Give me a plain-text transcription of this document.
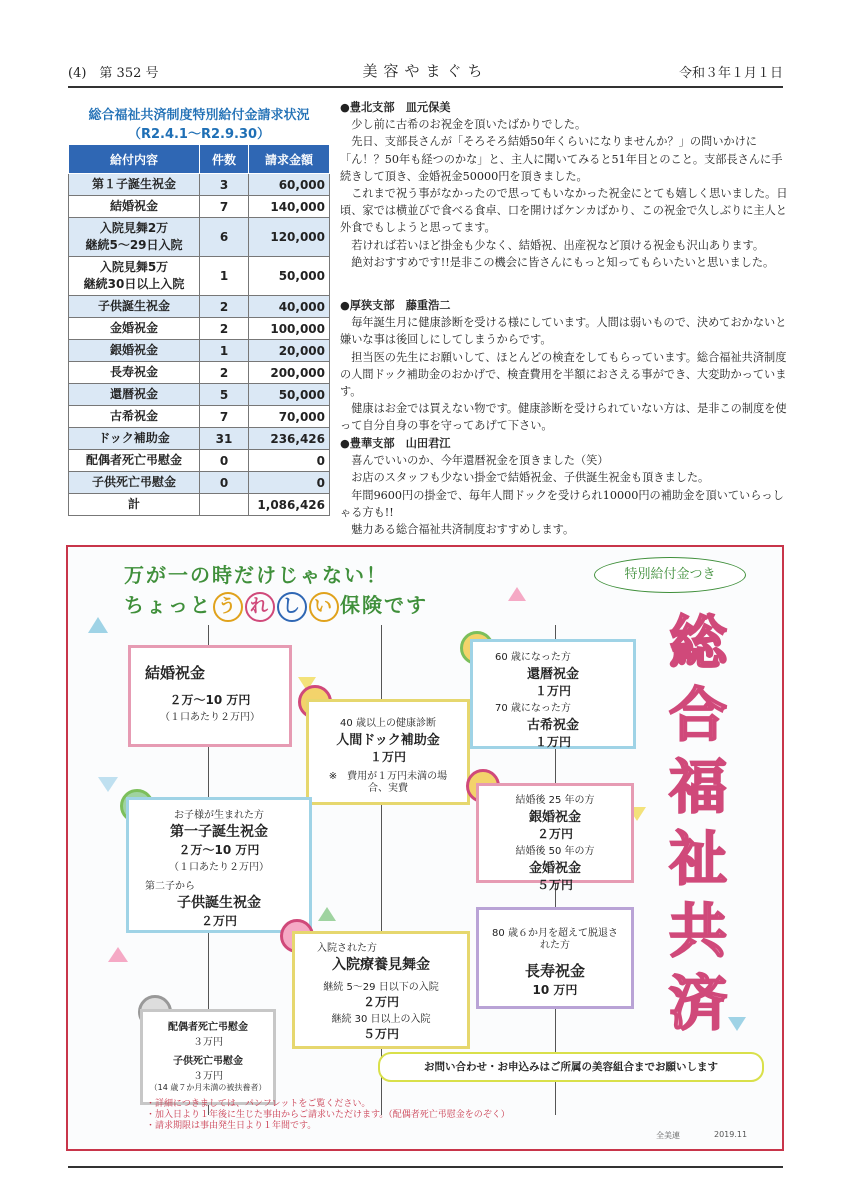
(4)　第 352 号	美容やまぐち	令和３年１月１日
総合福祉共済制度特別給付金請求状況
（R2.4.1～R2.9.30）
給付内容	件数	請求金額
第１子誕生祝金	3	60,000
結婚祝金	7	140,000
入院見舞2万
継続5～29日入院	6	120,000
入院見舞5万
継続30日以上入院	1	50,000
子供誕生祝金	2	40,000
金婚祝金	2	100,000
銀婚祝金	1	20,000
長寿祝金	2	200,000
還暦祝金	5	50,000
古希祝金	7	70,000
ドック補助金	31	236,426
配偶者死亡弔慰金	0	0
子供死亡弔慰金	0	0
計		1,086,426
●豊北支部　皿元保美

少し前に古希のお祝金を頂いたばかりでした。

先日、支部長さんが「そろそろ結婚50年くらいになりませんか？」の問いかけに「ん！？50年も経つのかな」と、主人に聞いてみると51年目とのこと。支部長さんに手続きして頂き、金婚祝金50000円を頂きました。

これまで祝う事がなかったので思ってもいなかった祝金にとても嬉しく思いました。日頃、家では横並びで食べる食卓、口を開けばケンカばかり、この祝金で久しぶりに主人と外食でもしようと思ってます。

若ければ若いほど掛金も少なく、結婚祝、出産祝など頂ける祝金も沢山あります。

絶対おすすめです!!是非この機会に皆さんにもっと知ってもらいたいと思いました。

●厚狭支部　藤重浩二

毎年誕生月に健康診断を受ける様にしています。人間は弱いもので、決めておかないと嫌いな事は後回しにしてしまうからです。

担当医の先生にお願いして、ほとんどの検査をしてもらっています。総合福祉共済制度の人間ドック補助金のおかげで、検査費用を半額におさえる事ができ、大変助かっています。

健康はお金では買えない物です。健康診断を受けられていない方は、是非この制度を使って自分自身の事を守ってあげて下さい。

●豊華支部　山田君江

喜んでいいのか、今年還暦祝金を頂きました（笑）

お店のスタッフも少ない掛金で結婚祝金、子供誕生祝金も頂きました。

年間9600円の掛金で、毎年人間ドックを受けられ10000円の補助金を頂いていらっしゃる方も!!

魅力ある総合福祉共済制度おすすめします。

万が一の時だけじゃない！
ちょっと う れ し い 保険です
特別給付金つき
総
合
福
祉
共
済
結婚祝金
２万～10 万円
（１口あたり２万円）
40 歳以上の健康診断
人間ドック補助金
１万円
※　費用が１万円未満の場合、実費
60 歳になった方
還暦祝金
１万円
70 歳になった方
古希祝金
１万円
お子様が生まれた方
第一子誕生祝金
２万～10 万円
（１口あたり２万円）
第二子から
子供誕生祝金
２万円
結婚後 25 年の方
銀婚祝金
２万円
結婚後 50 年の方
金婚祝金
５万円
入院された方
入院療養見舞金
継続 5～29 日以下の入院
２万円
継続 30 日以上の入院
５万円
80 歳６か月を超えて脱退された方
長寿祝金
10 万円
配偶者死亡弔慰金
３万円
子供死亡弔慰金
３万円
（14 歳７か月未満の被扶養者）
お問い合わせ・お申込みはご所属の美容組合までお願いします
・詳細につきましては、パンフレットをご覧ください。
・加入日より１年後に生じた事由からご請求いただけます。（配偶者死亡弔慰金をのぞく）
・請求期限は事由発生日より１年間です。
全美連	2019.11
